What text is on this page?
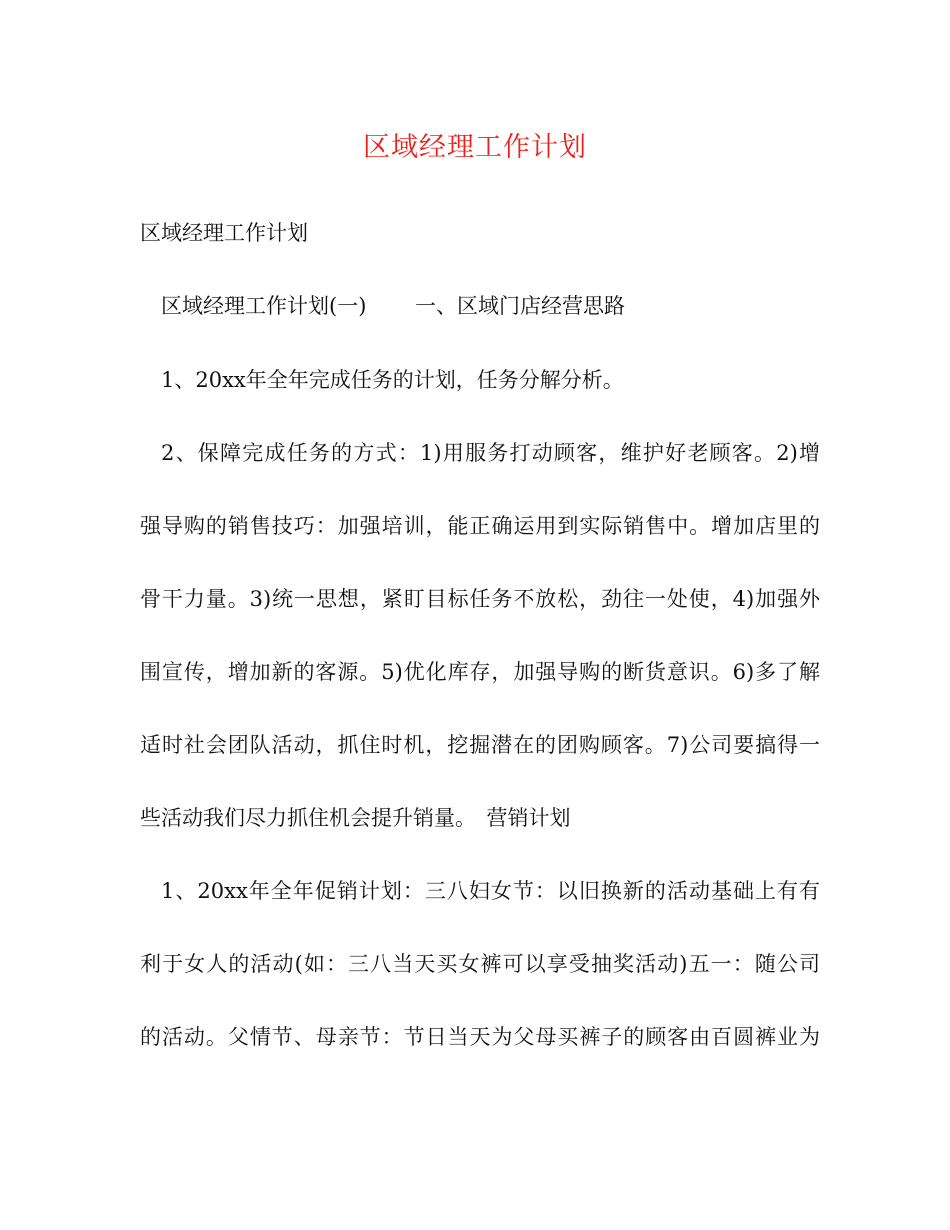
区域经理工作计划
区域经理工作计划
区域经理工作计划(一)　　 一、区域门店经营思路
1、20xx年全年完成任务的计划，任务分解分析。
2、保障完成任务的方式：1)用服务打动顾客，维护好老顾客。2)增
强导购的销售技巧：加强培训，能正确运用到实际销售中。增加店里的
骨干力量。3)统一思想，紧盯目标任务不放松，劲往一处使，4)加强外
围宣传，增加新的客源。5)优化库存，加强导购的断货意识。6)多了解
适时社会团队活动，抓住时机，挖掘潜在的团购顾客。7)公司要搞得一
些活动我们尽力抓住机会提升销量。　营销计划
1、20xx年全年促销计划：三八妇女节：以旧换新的活动基础上有有
利于女人的活动(如：三八当天买女裤可以享受抽奖活动)五一：随公司
的活动。父情节、母亲节：节日当天为父母买裤子的顾客由百圆裤业为
